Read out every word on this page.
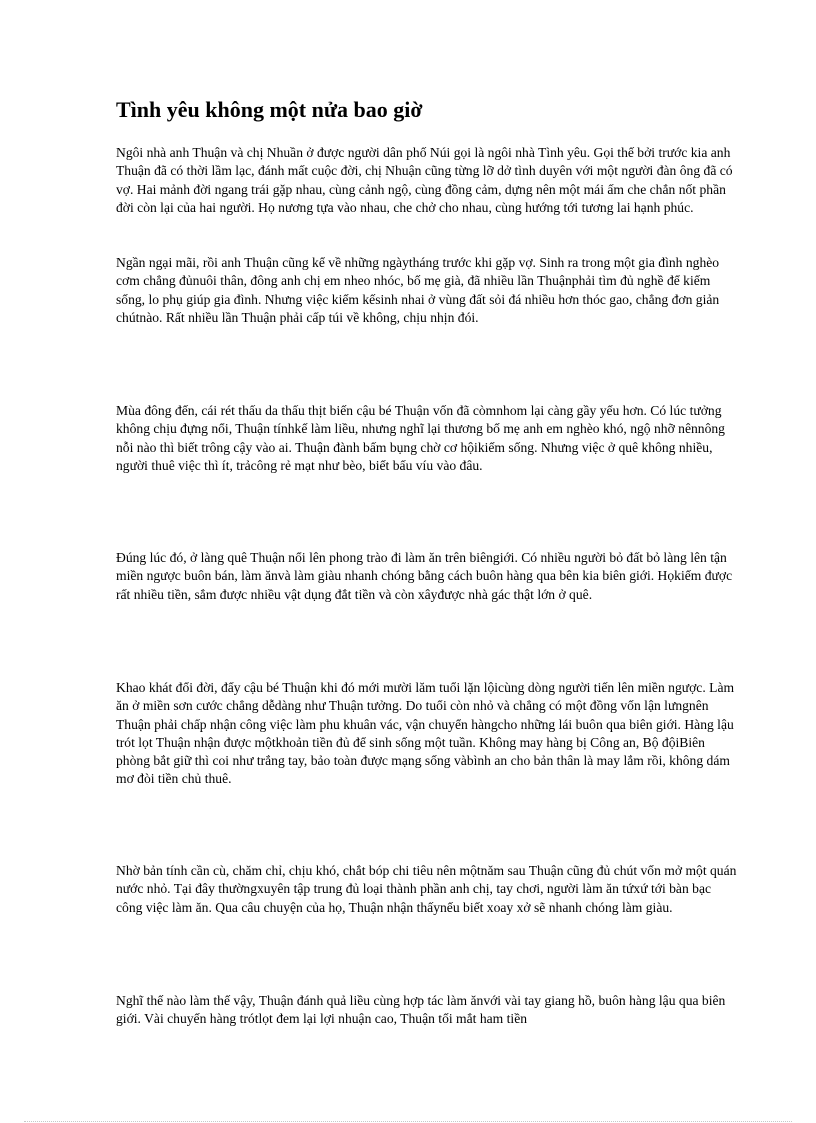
Tình yêu không một nửa bao giờ

Ngôi nhà anh Thuận và chị Nhuần ở được người dân phố Núi gọi là ngôi nhà Tình yêu. Gọi thế bởi trước kia anh Thuận đã có thời lầm lạc, đánh mất cuộc đời, chị Nhuận cũng từng lỡ dở tình duyên với một người đàn ông đã có vợ. Hai mảnh đời ngang trái gặp nhau, cùng cảnh ngộ, cùng đồng cảm, dựng nên một mái ấm che chắn nốt phần đời còn lại của hai người. Họ nương tựa vào nhau, che chở cho nhau, cùng hướng tới tương lai hạnh phúc.

Ngần ngại mãi, rồi anh Thuận cũng kể về những ngàytháng trước khi gặp vợ. Sinh ra trong một gia đình nghèo cơm chẳng đủnuôi thân, đông anh chị em nheo nhóc, bố mẹ già, đã nhiều lần Thuậnphải tìm đủ nghề để kiếm sống, lo phụ giúp gia đình. Nhưng việc kiếm kếsinh nhai ở vùng đất sỏi đá nhiều hơn thóc gao, chẳng đơn giản chútnào. Rất nhiều lần Thuận phải cấp túi về không, chịu nhịn đói.

Mùa đông đến, cái rét thấu da thấu thịt biến cậu bé Thuận vốn đã còmnhom lại càng gầy yếu hơn. Có lúc tưởng không chịu đựng nổi, Thuận tínhkế làm liều, nhưng nghĩ lại thương bố mẹ anh em nghèo khó, ngộ nhỡ nênnông nỗi nào thì biết trông cậy vào ai. Thuận đành bấm bụng chờ cơ hộikiếm sống. Nhưng việc ở quê không nhiều, người thuê việc thì ít, trảcông rẻ mạt như bèo, biết bấu víu vào đâu.

Đúng lúc đó, ở làng quê Thuận nổi lên phong trào đi làm ăn trên biêngiới. Có nhiều người bỏ đất bỏ làng lên tận miền ngược buôn bán, làm ănvà làm giàu nhanh chóng bằng cách buôn hàng qua bên kia biên giới. Họkiếm được rất nhiều tiền, sắm được nhiều vật dụng đắt tiền và còn xâyđược nhà gác thật lớn ở quê.

Khao khát đổi đời, đẩy cậu bé Thuận khi đó mới mười lăm tuổi lặn lộicùng dòng người tiến lên miền ngược. Làm ăn ở miền sơn cước chẳng dễdàng như Thuận tưởng. Do tuổi còn nhỏ và chẳng có một đồng vốn lận lưngnên Thuận phải chấp nhận công việc làm phu khuân vác, vận chuyển hàngcho những lái buôn qua biên giới. Hàng lậu trót lọt Thuận nhận được mộtkhoản tiền đủ để sinh sống một tuần. Không may hàng bị Công an, Bộ độiBiên phòng bắt giữ thì coi như trắng tay, bảo toàn được mạng sống vàbình an cho bản thân là may lắm rồi, không dám mơ đòi tiền chủ thuê.

Nhờ bản tính cần cù, chăm chỉ, chịu khó, chắt bóp chi tiêu nên mộtnăm sau Thuận cũng đủ chút vốn mở một quán nước nhỏ. Tại đây thườngxuyên tập trung đủ loại thành phần anh chị, tay chơi, người làm ăn tứxứ tới bàn bạc công việc làm ăn. Qua câu chuyện của họ, Thuận nhận thấynếu biết xoay xở sẽ nhanh chóng làm giàu.

Nghĩ thế nào làm thế vậy, Thuận đánh quả liều cùng hợp tác làm ănvới vài tay giang hồ, buôn hàng lậu qua biên giới. Vài chuyến hàng trótlọt đem lại lợi nhuận cao, Thuận tối mắt ham tiền
